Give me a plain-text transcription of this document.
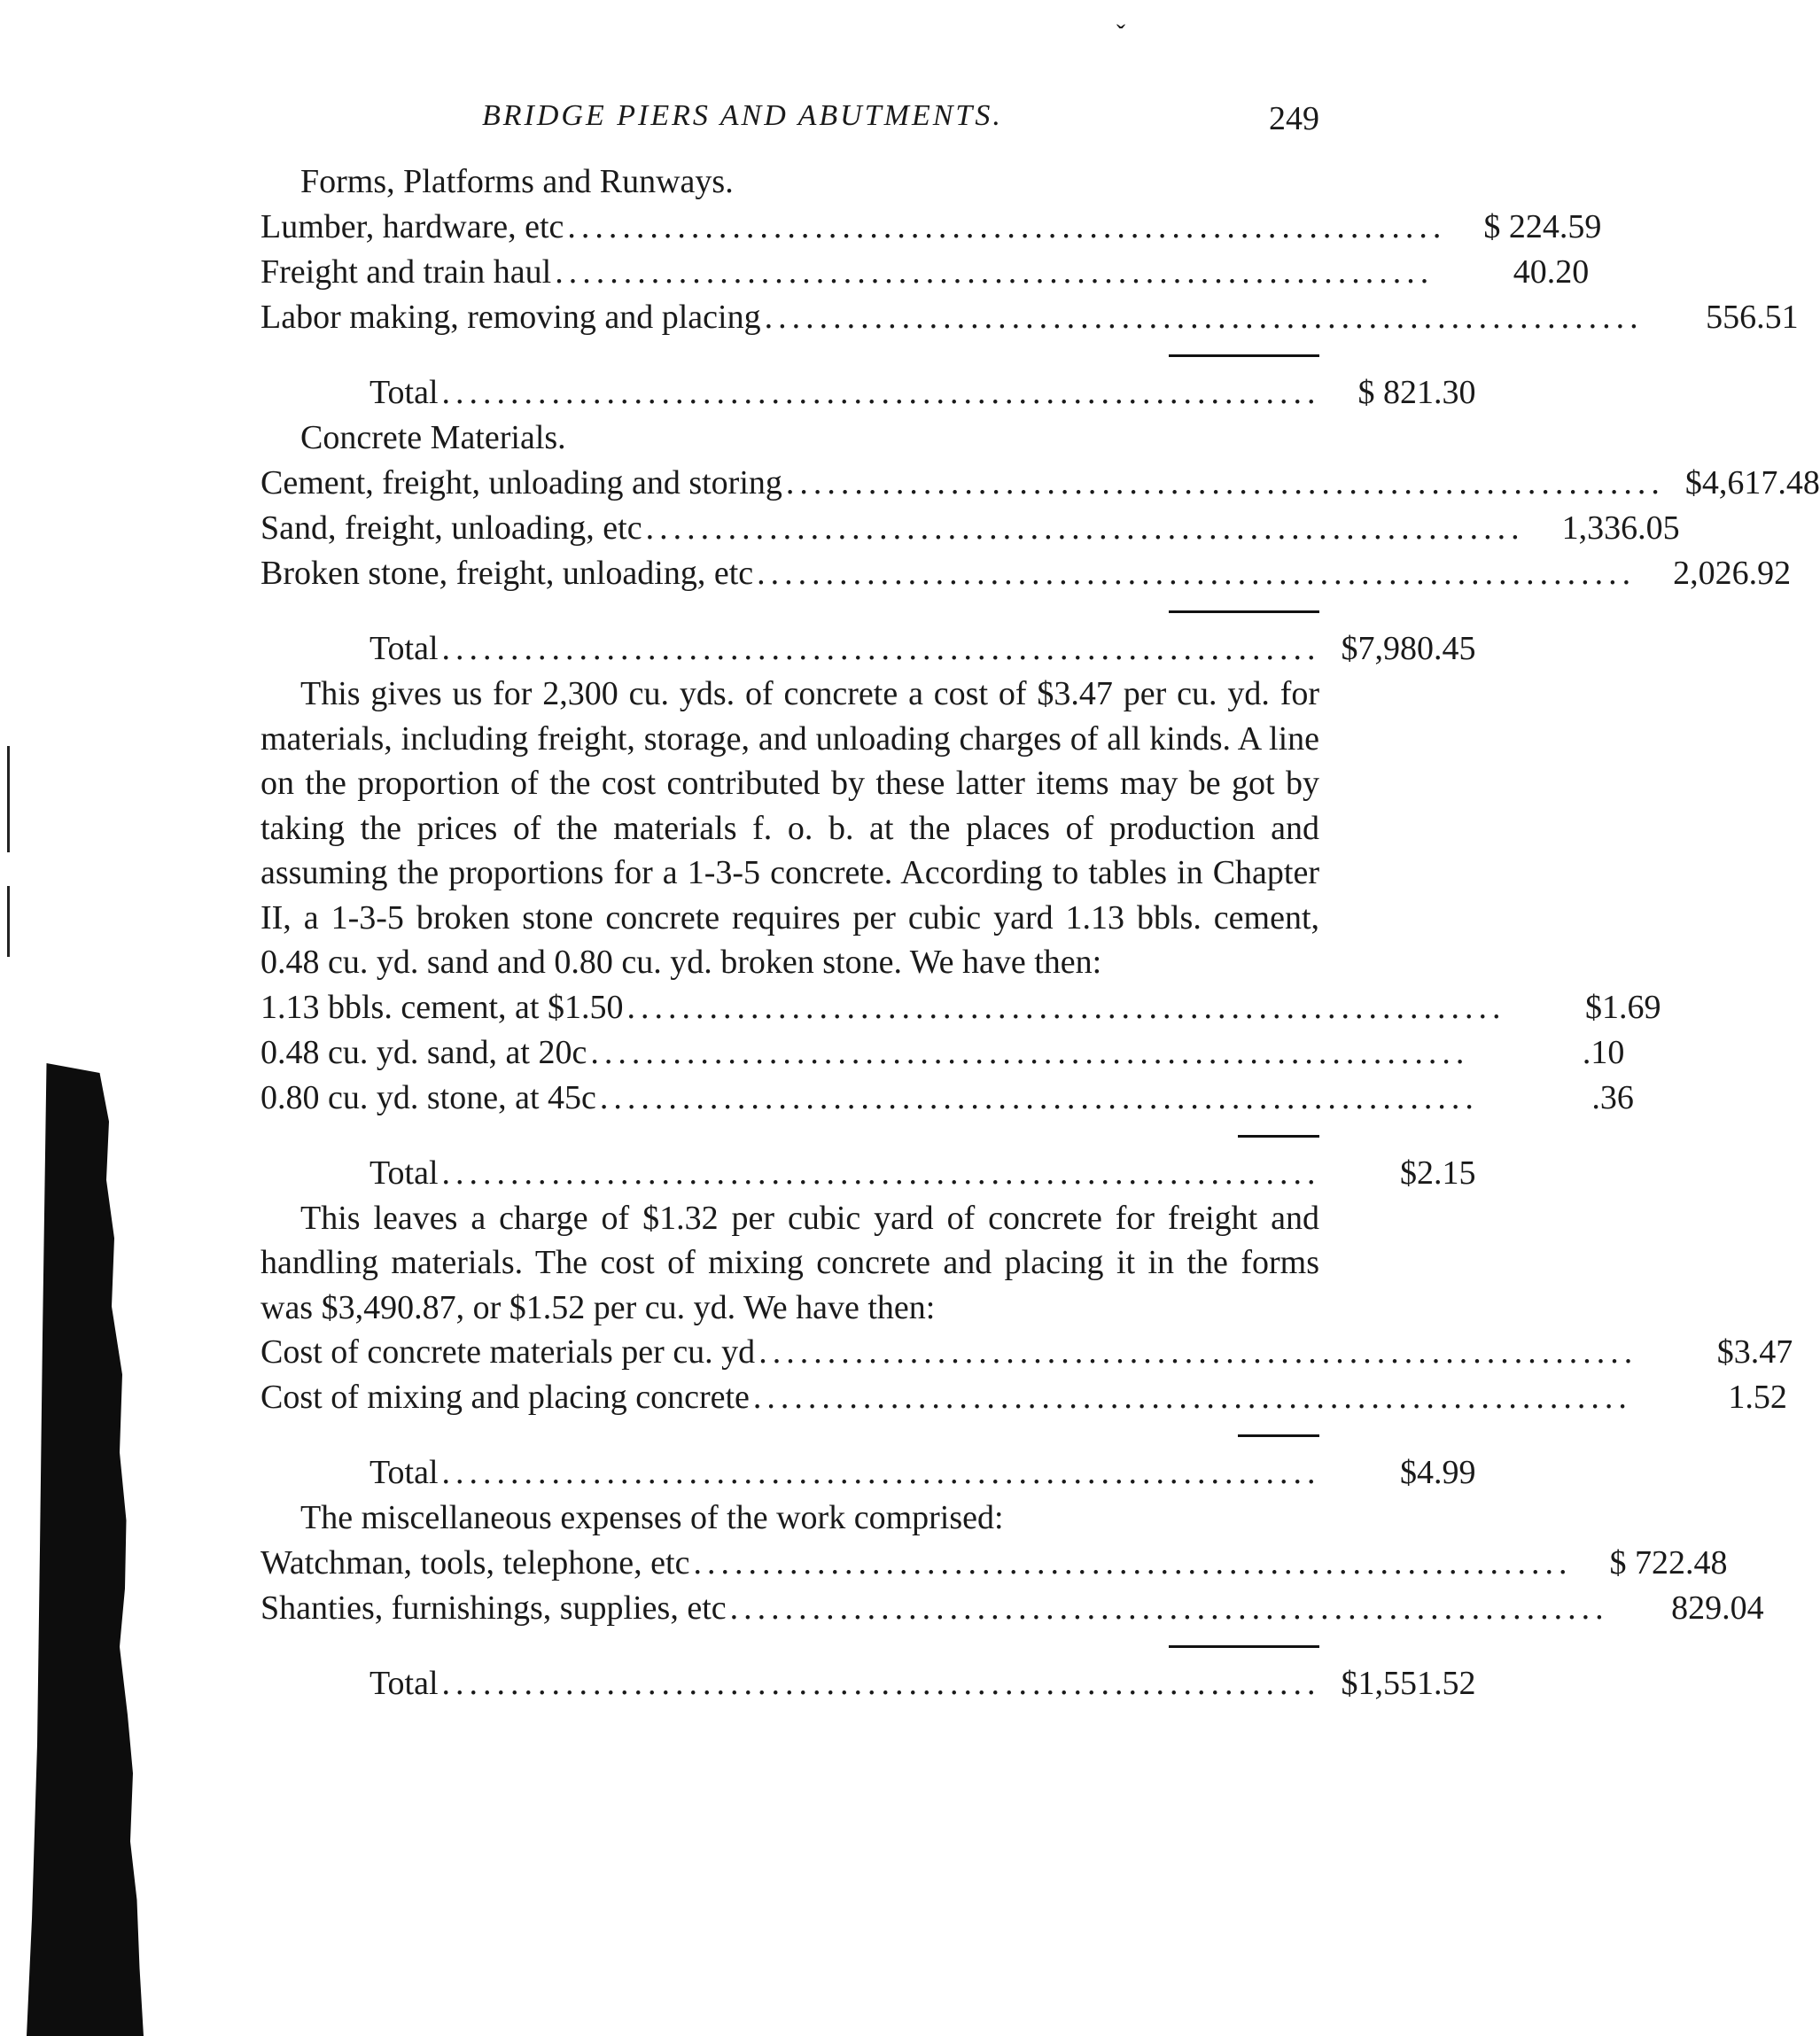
ˇ
BRIDGE PIERS AND ABUTMENTS.	249
Forms, Platforms and Runways.
Lumber, hardware, etc ................................................................	$ 224.59
Freight and train haul ................................................................	40.20
Labor making, removing and placing ................................................................	556.51
Total ................................................................	$ 821.30
Concrete Materials.
Cement, freight, unloading and storing ................................................................ $4,617.48
Sand, freight, unloading, etc ................................................................	1,336.05
Broken stone, freight, unloading, etc ................................................................	2,026.92
Total ................................................................ $7,980.45

This gives us for 2,300 cu. yds. of concrete a cost of $3.47 per cu. yd. for materials, including freight, storage, and unloading charges of all kinds. A line on the proportion of the cost contributed by these latter items may be got by taking the prices of the materials f. o. b. at the places of production and assuming the proportions for a 1-3-5 concrete. According to tables in Chapter II, a 1-3-5 broken stone concrete requires per cubic yard 1.13 bbls. cement, 0.48 cu. yd. sand and 0.80 cu. yd. broken stone. We have then:

1.13 bbls. cement, at $1.50 ................................................................	$1.69
0.48 cu. yd. sand, at 20c ................................................................	.10
0.80 cu. yd. stone, at 45c ................................................................	.36
Total ................................................................	$2.15

This leaves a charge of $1.32 per cubic yard of concrete for freight and handling materials. The cost of mixing concrete and placing it in the forms was $3,490.87, or $1.52 per cu. yd. We have then:

Cost of concrete materials per cu. yd ................................................................	$3.47
Cost of mixing and placing concrete ................................................................	1.52
Total ................................................................	$4.99
The miscellaneous expenses of the work comprised:
Watchman, tools, telephone, etc ................................................................	$ 722.48
Shanties, furnishings, supplies, etc ................................................................	829.04
Total ................................................................ $1,551.52
